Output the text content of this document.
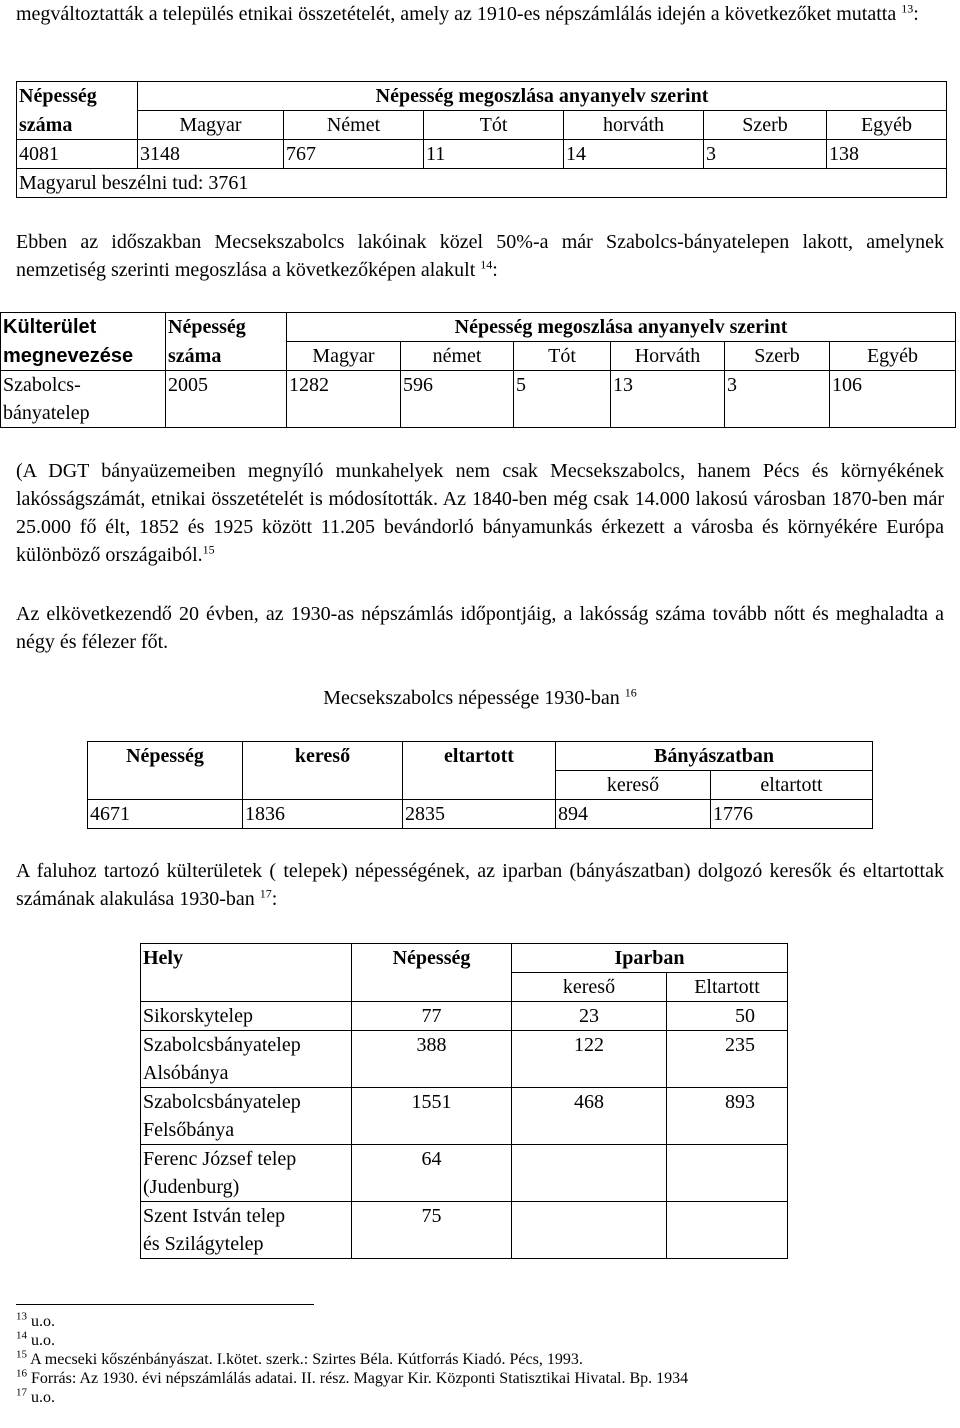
megváltoztatták a település etnikai összetételét, amely az 1910-es népszámlálás idején a következőket mutatta $^{13}$:

Népesség	Népesség megoszlása anyanyelv szerint					
száma	Magyar	Német	Tót	horváth	Szerb	Egyéb
4081	3148	767	11	14	3	138
Magyarul beszélni tud: 3761						

Ebben az időszakban Mecsekszabolcs lakóinak közel 50%-a már Szabolcs-bányatelepen lakott, amelynek nemzetiség szerinti megoszlása a következőképen alakult $^{14}$:

Külterület	Népesség	Népesség megoszlása anyanyelv szerint					
megnevezése	száma	Magyar	német	Tót	Horváth	Szerb	Egyéb
Szabolcs-
bányatelep	2005	1282	596	5	13	3	106

(A DGT bányaüzemeiben megnyíló munkahelyek nem csak Mecsekszabolcs, hanem Pécs és környékének lakósságszámát, etnikai összetételét is módosították. Az 1840-ben még csak 14.000 lakosú városban 1870-ben már 25.000 fő élt, 1852 és 1925 között 11.205 bevándorló bányamunkás érkezett a városba és környékére Európa különböző országaiból.$^{15}$

Az elkövetkezendő 20 évben, az 1930-as népszámlás időpontjáig, a lakósság száma tovább nőtt és meghaladta a négy és félezer főt.

Mecsekszabolcs népessége 1930-ban $^{16}$
Népesség	kereső	eltartott	Bányászatban	
			kereső	eltartott
4671	1836	2835	894	1776

A faluhoz tartozó külterületek ( telepek) népességének, az iparban (bányászatban) dolgozó keresők és eltartottak számának alakulása 1930-ban $^{17}$:

Hely	Népesség	Iparban	
		kereső	Eltartott
Sikorskytelep	77	23	50
Szabolcsbányatelep
Alsóbánya	388	122	235
Szabolcsbányatelep
Felsőbánya	1551	468	893
Ferenc József telep
(Judenburg)	64		
Szent István telep
és Szilágytelep	75		
$^{13}$ u.o.
$^{14}$ u.o.
$^{15}$ A mecseki kőszénbányászat. I.kötet. szerk.: Szirtes Béla. Kútforrás Kiadó. Pécs, 1993.
$^{16}$ Forrás: Az 1930. évi népszámlálás adatai. II. rész. Magyar Kir. Központi Statisztikai Hivatal. Bp. 1934
$^{17}$ u.o.
